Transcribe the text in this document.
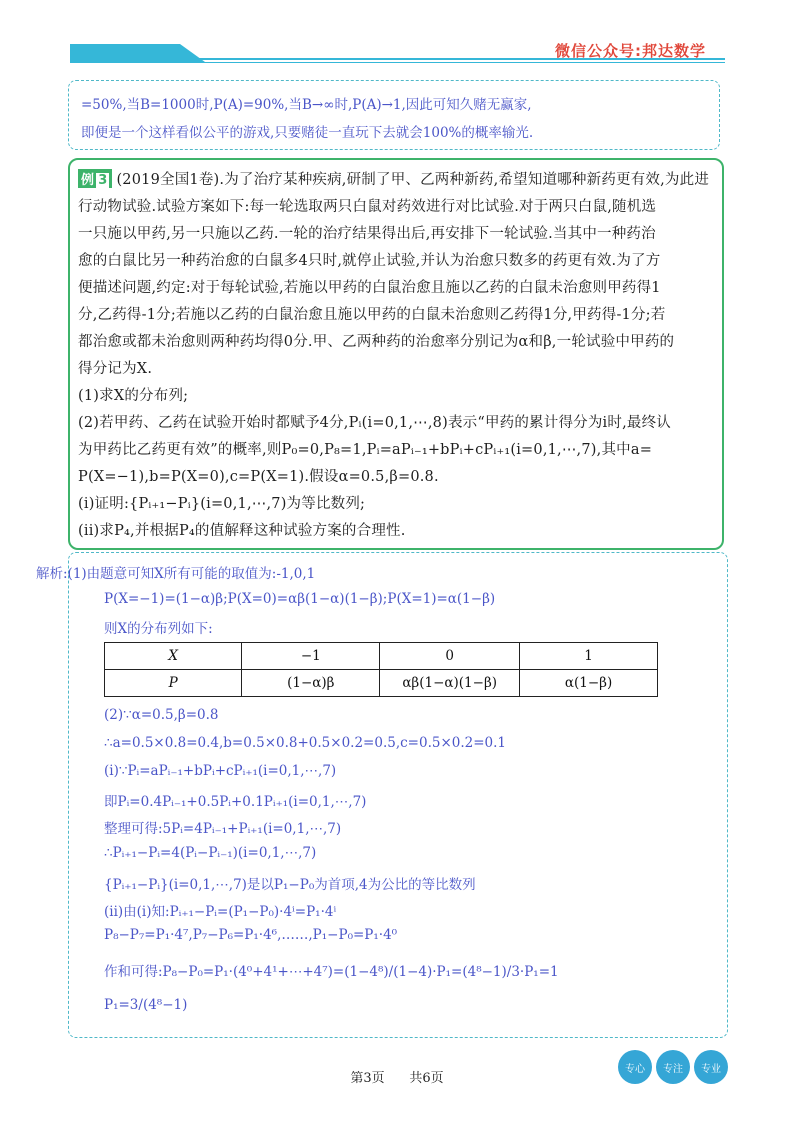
微信公众号:邦达数学

=50%,当B=1000时,P(A)=90%,当B→∞时,P(A)→1,因此可知久赌无赢家,

即便是一个这样看似公平的游戏,只要赌徒一直玩下去就会100%的概率输光.

例 3 (2019全国1卷).为了治疗某种疾病,研制了甲、乙两种新药,希望知道哪种新药更有效,为此进
行动物试验.试验方案如下:每一轮选取两只白鼠对药效进行对比试验.对于两只白鼠,随机选
一只施以甲药,另一只施以乙药.一轮的治疗结果得出后,再安排下一轮试验.当其中一种药治
愈的白鼠比另一种药治愈的白鼠多4只时,就停止试验,并认为治愈只数多的药更有效.为了方
便描述问题,约定:对于每轮试验,若施以甲药的白鼠治愈且施以乙药的白鼠未治愈则甲药得1
分,乙药得-1分;若施以乙药的白鼠治愈且施以甲药的白鼠未治愈则乙药得1分,甲药得-1分;若
都治愈或都未治愈则两种药均得0分.甲、乙两种药的治愈率分别记为α和β,一轮试验中甲药的
得分记为X.
(1)求X的分布列;
(2)若甲药、乙药在试验开始时都赋予4分,Pᵢ(i=0,1,⋯,8)表示“甲药的累计得分为i时,最终认
为甲药比乙药更有效”的概率,则P₀=0,P₈=1,Pᵢ=aPᵢ₋₁+bPᵢ+cPᵢ₊₁(i=0,1,⋯,7),其中a=
P(X=−1),b=P(X=0),c=P(X=1).假设α=0.5,β=0.8.
(i)证明:{Pᵢ₊₁−Pᵢ}(i=0,1,⋯,7)为等比数列;
(ii)求P₄,并根据P₄的值解释这种试验方案的合理性.
解析:(1)由题意可知X所有可能的取值为:-1,0,1
P(X=−1)=(1−α)β;P(X=0)=αβ(1−α)(1−β);P(X=1)=α(1−β)
则X的分布列如下:
X	−1	0	1
P	(1−α)β	αβ(1−α)(1−β)	α(1−β)
(2)∵α=0.5,β=0.8
∴a=0.5×0.8=0.4,b=0.5×0.8+0.5×0.2=0.5,c=0.5×0.2=0.1
(i)∵Pᵢ=aPᵢ₋₁+bPᵢ+cPᵢ₊₁(i=0,1,⋯,7)
即Pᵢ=0.4Pᵢ₋₁+0.5Pᵢ+0.1Pᵢ₊₁(i=0,1,⋯,7)
整理可得:5Pᵢ=4Pᵢ₋₁+Pᵢ₊₁(i=0,1,⋯,7)
∴Pᵢ₊₁−Pᵢ=4(Pᵢ−Pᵢ₋₁)(i=0,1,⋯,7)
{Pᵢ₊₁−Pᵢ}(i=0,1,⋯,7)是以P₁−P₀为首项,4为公比的等比数列
(ii)由(i)知:Pᵢ₊₁−Pᵢ=(P₁−P₀)·4ⁱ=P₁·4ⁱ
P₈−P₇=P₁·4⁷,P₇−P₆=P₁·4⁶,……,P₁−P₀=P₁·4⁰
作和可得:P₈−P₀=P₁·(4⁰+4¹+⋯+4⁷)=(1−4⁸)/(1−4)·P₁=(4⁸−1)/3·P₁=1
P₁=3/(4⁸−1)
第3页 共6页
专心 专注 专业
